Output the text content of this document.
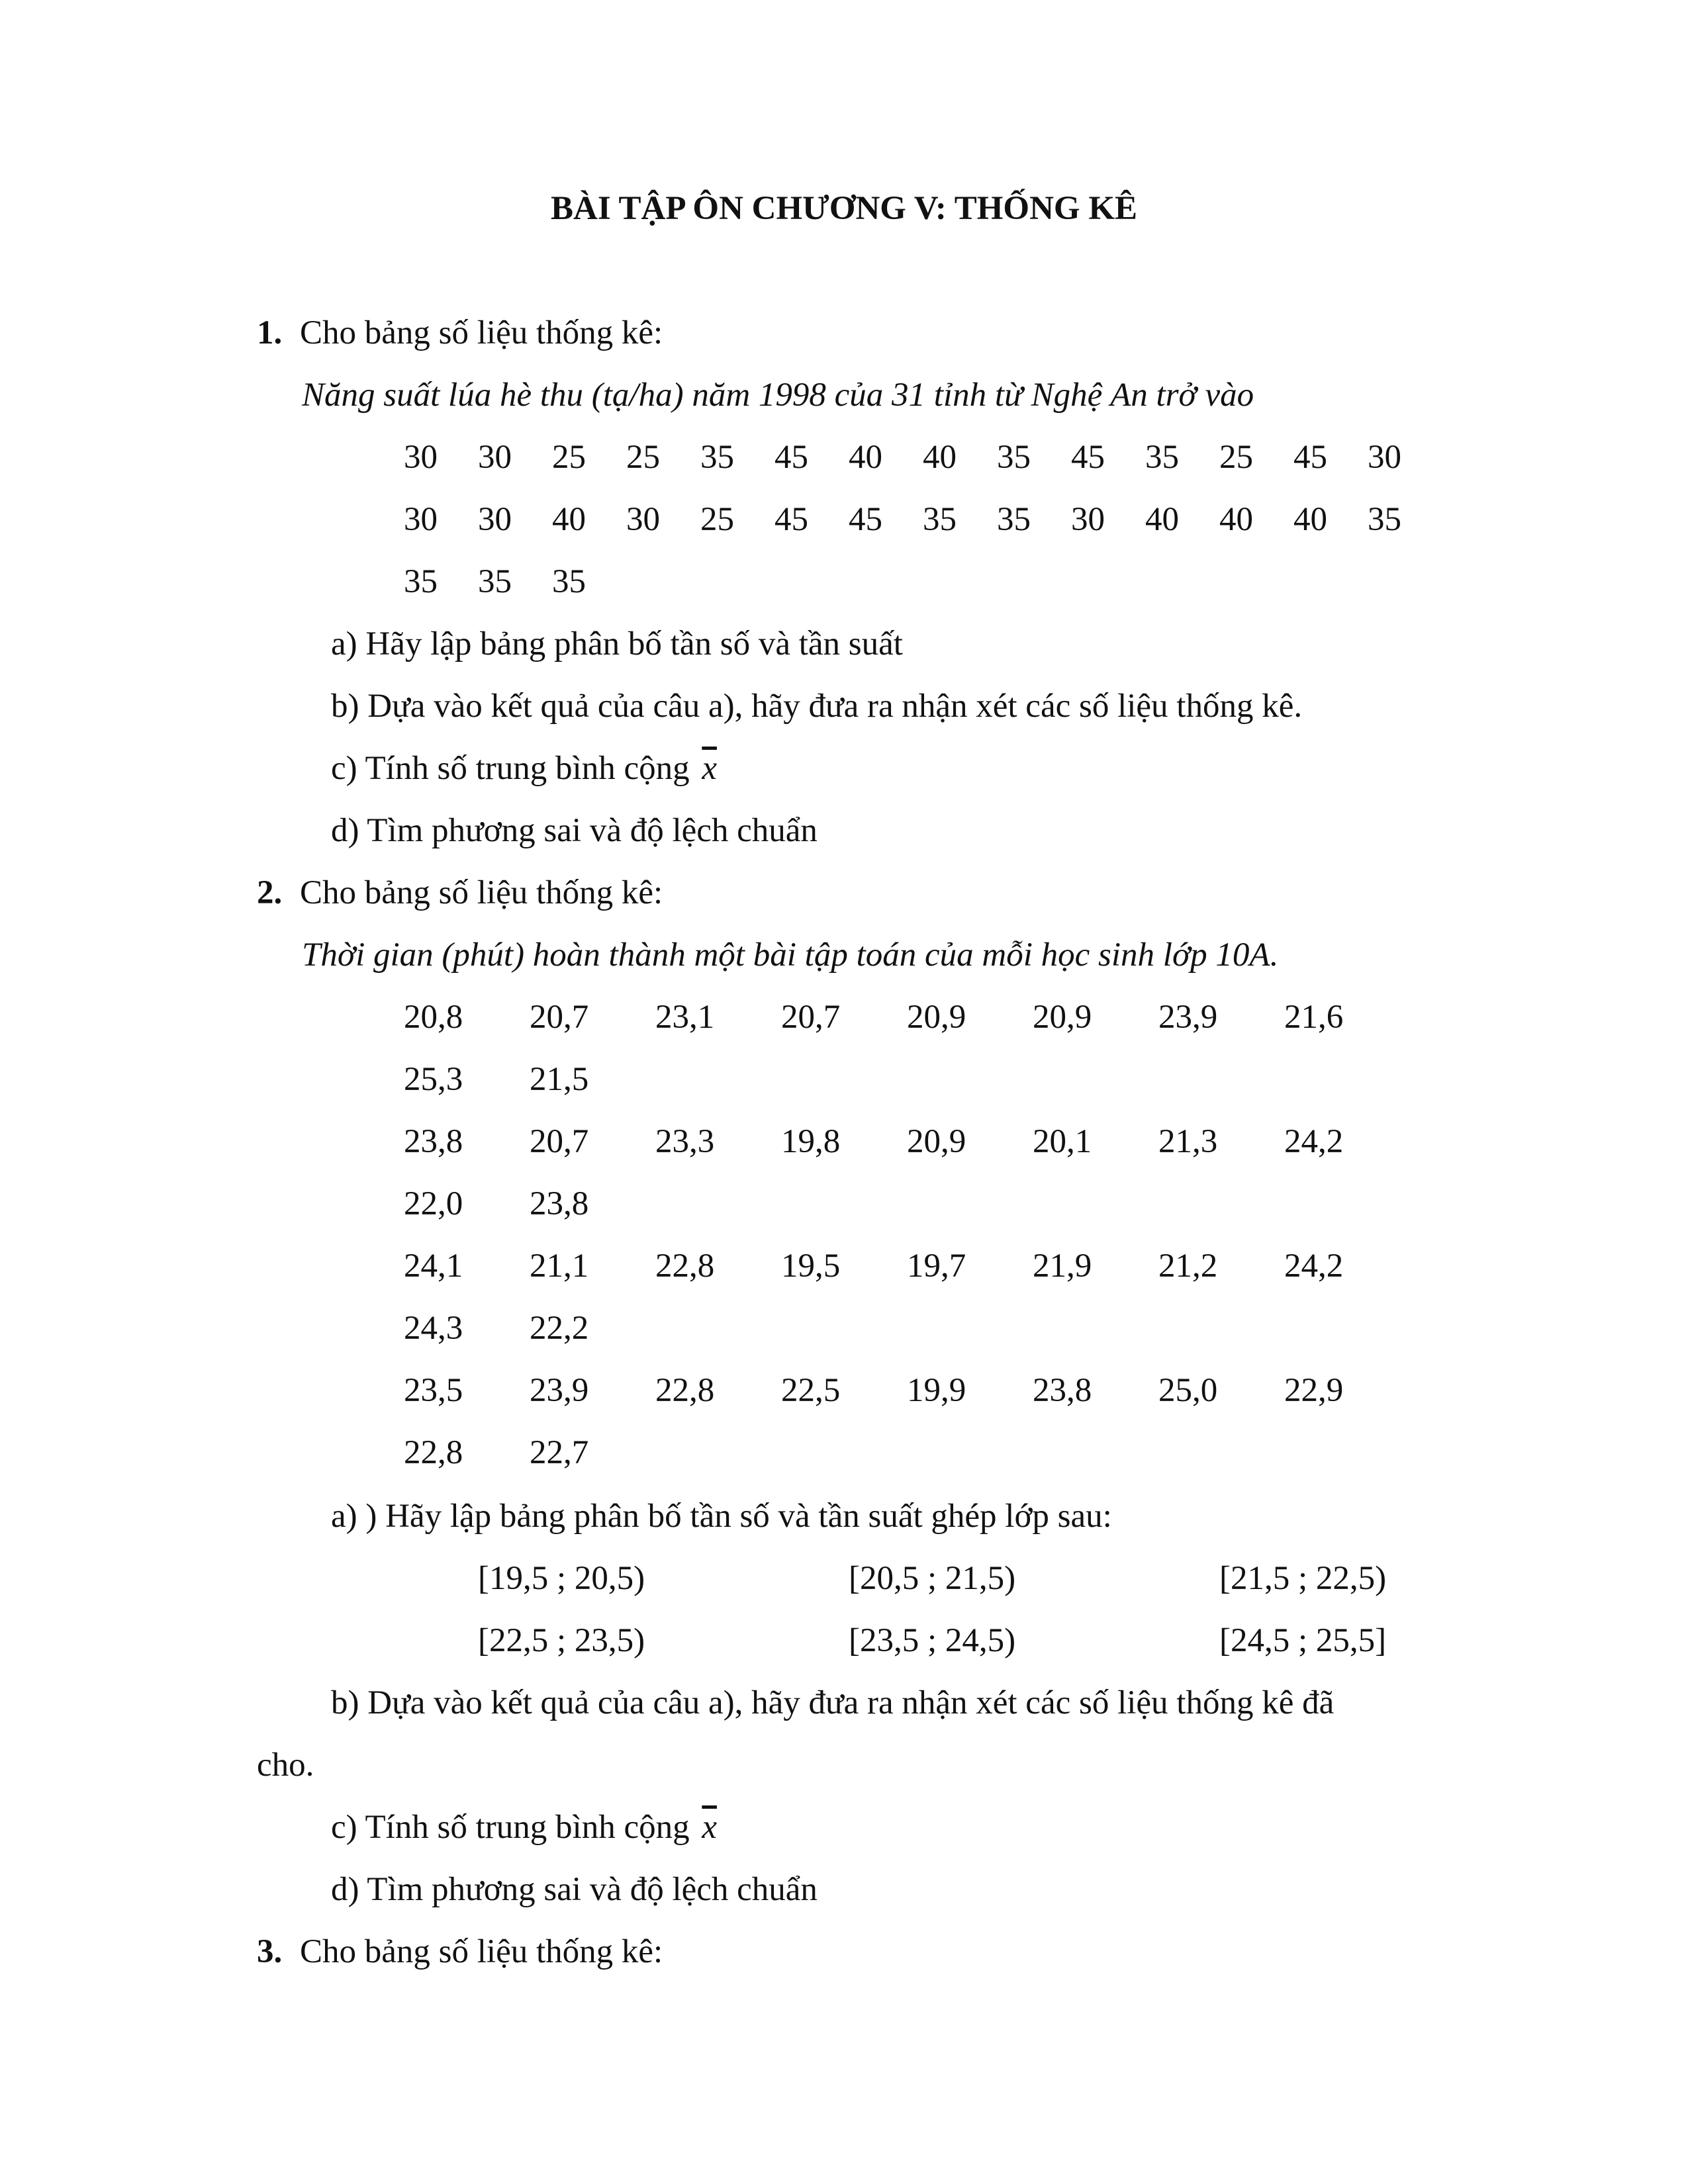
BÀI TẬP ÔN CHƯƠNG V: THỐNG KÊ
1. Cho bảng số liệu thống kê:
Năng suất lúa hè thu (tạ/ha) năm 1998 của 31 tỉnh từ Nghệ An trở vào
30 30 25 25 35 45 40 40 35 45 35 25 45 30
30 30 40 30 25 45 45 35 35 30 40 40 40 35
35 35 35
a) Hãy lập bảng phân bố tần số và tần suất
b) Dựa vào kết quả của câu a), hãy đưa ra nhận xét các số liệu thống kê.
c) Tính số trung bình cộng $\overline{x}$
d) Tìm phương sai và độ lệch chuẩn
2. Cho bảng số liệu thống kê:
Thời gian (phút) hoàn thành một bài tập toán của mỗi học sinh lớp 10A.
20,8 20,7 23,1 20,7 20,9 20,9 23,9 21,6
25,3 21,5
23,8 20,7 23,3 19,8 20,9 20,1 21,3 24,2
22,0 23,8
24,1 21,1 22,8 19,5 19,7 21,9 21,2 24,2
24,3 22,2
23,5 23,9 22,8 22,5 19,9 23,8 25,0 22,9
22,8 22,7
a) ) Hãy lập bảng phân bố tần số và tần suất ghép lớp sau:
[19,5 ; 20,5)	[20,5 ; 21,5)	[21,5 ; 22,5)
[22,5 ; 23,5)	[23,5 ; 24,5)	[24,5 ; 25,5]
b) Dựa vào kết quả của câu a), hãy đưa ra nhận xét các số liệu thống kê đã
cho.
c) Tính số trung bình cộng $\overline{x}$
d) Tìm phương sai và độ lệch chuẩn
3. Cho bảng số liệu thống kê:
